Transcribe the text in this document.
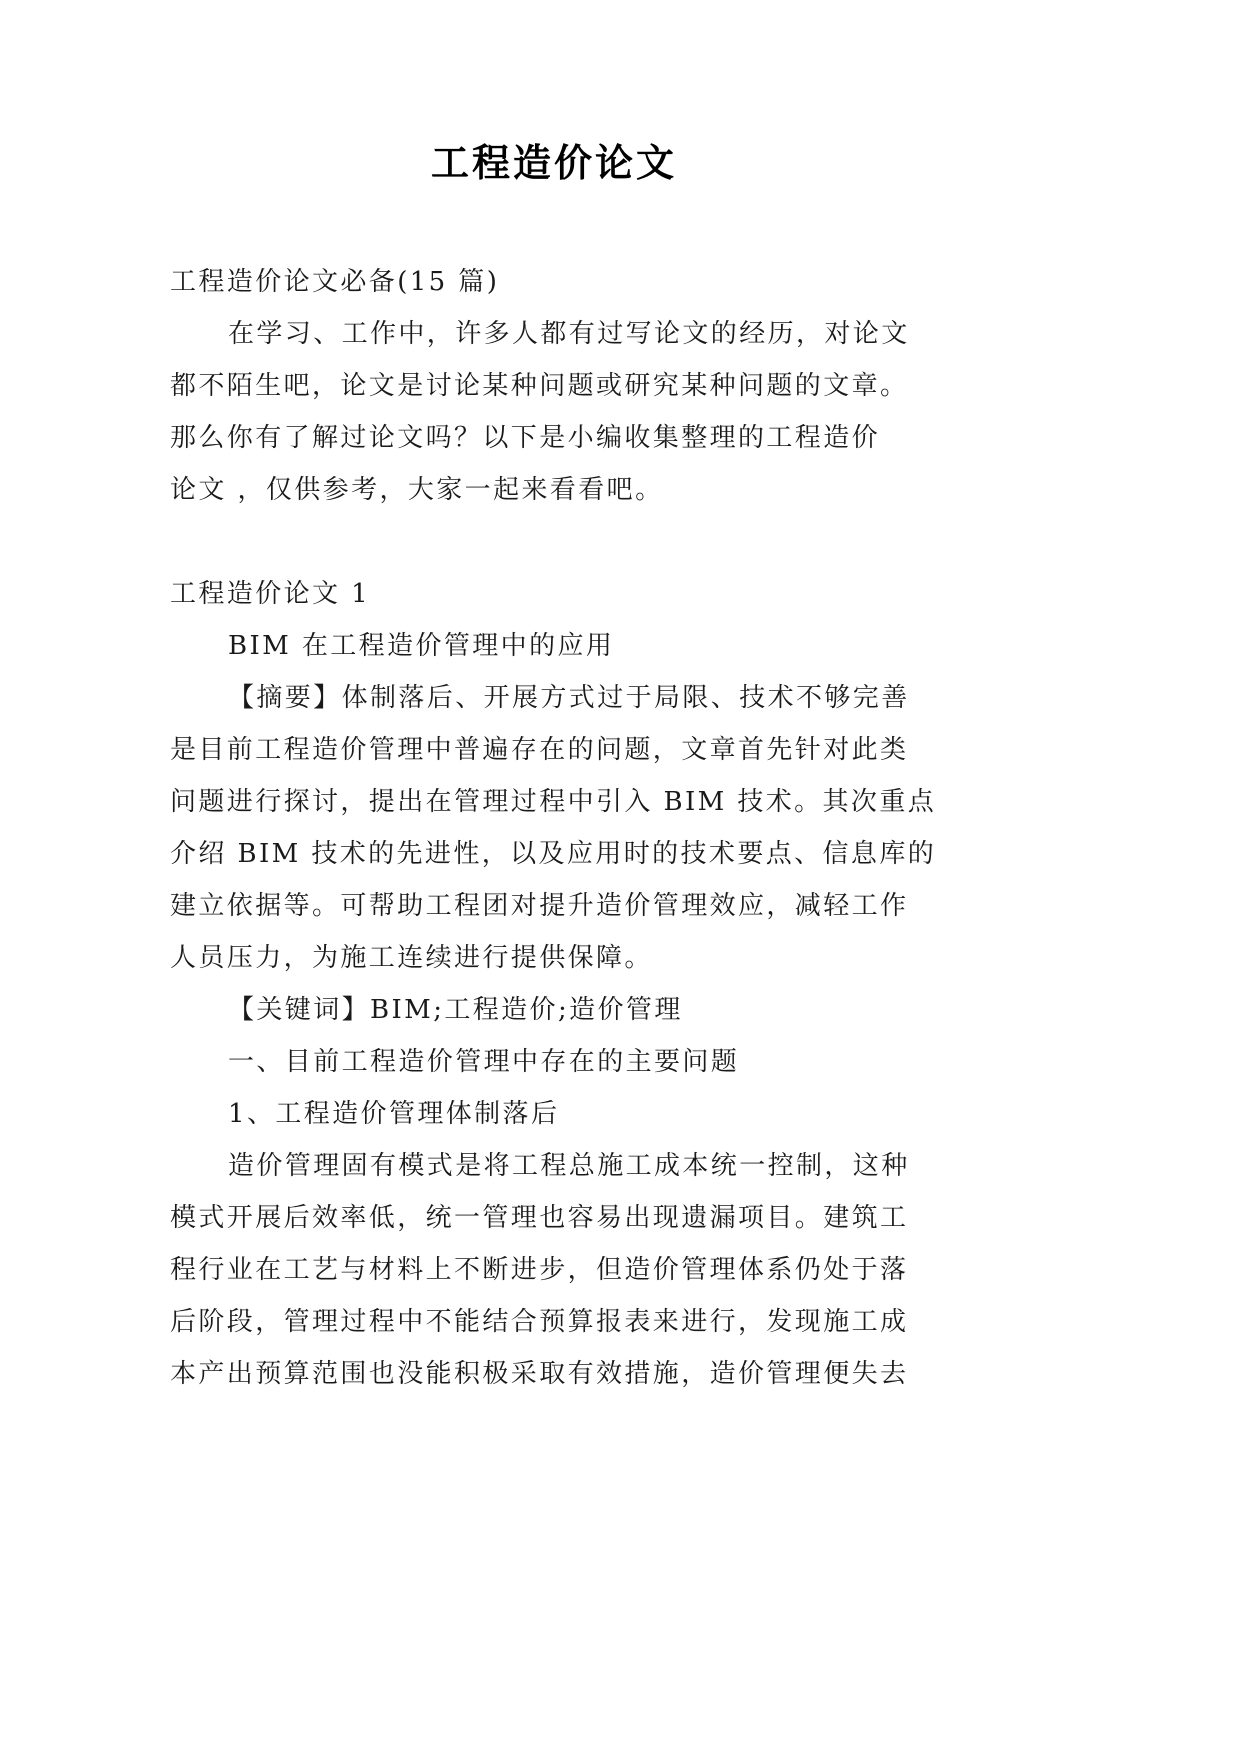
工程造价论文
工程造价论文必备(15 篇)
在学习、工作中，许多人都有过写论文的经历，对论文
都不陌生吧，论文是讨论某种问题或研究某种问题的文章。
那么你有了解过论文吗？以下是小编收集整理的工程造价
论文 ，仅供参考，大家一起来看看吧。
工程造价论文 1
BIM 在工程造价管理中的应用
【摘要】体制落后、开展方式过于局限、技术不够完善
是目前工程造价管理中普遍存在的问题，文章首先针对此类
问题进行探讨，提出在管理过程中引入 BIM 技术。其次重点
介绍 BIM 技术的先进性，以及应用时的技术要点、信息库的
建立依据等。可帮助工程团对提升造价管理效应，减轻工作
人员压力，为施工连续进行提供保障。
【关键词】BIM;工程造价;造价管理
一、目前工程造价管理中存在的主要问题
1、工程造价管理体制落后
造价管理固有模式是将工程总施工成本统一控制，这种
模式开展后效率低，统一管理也容易出现遗漏项目。建筑工
程行业在工艺与材料上不断进步，但造价管理体系仍处于落
后阶段，管理过程中不能结合预算报表来进行，发现施工成
本产出预算范围也没能积极采取有效措施，造价管理便失去
